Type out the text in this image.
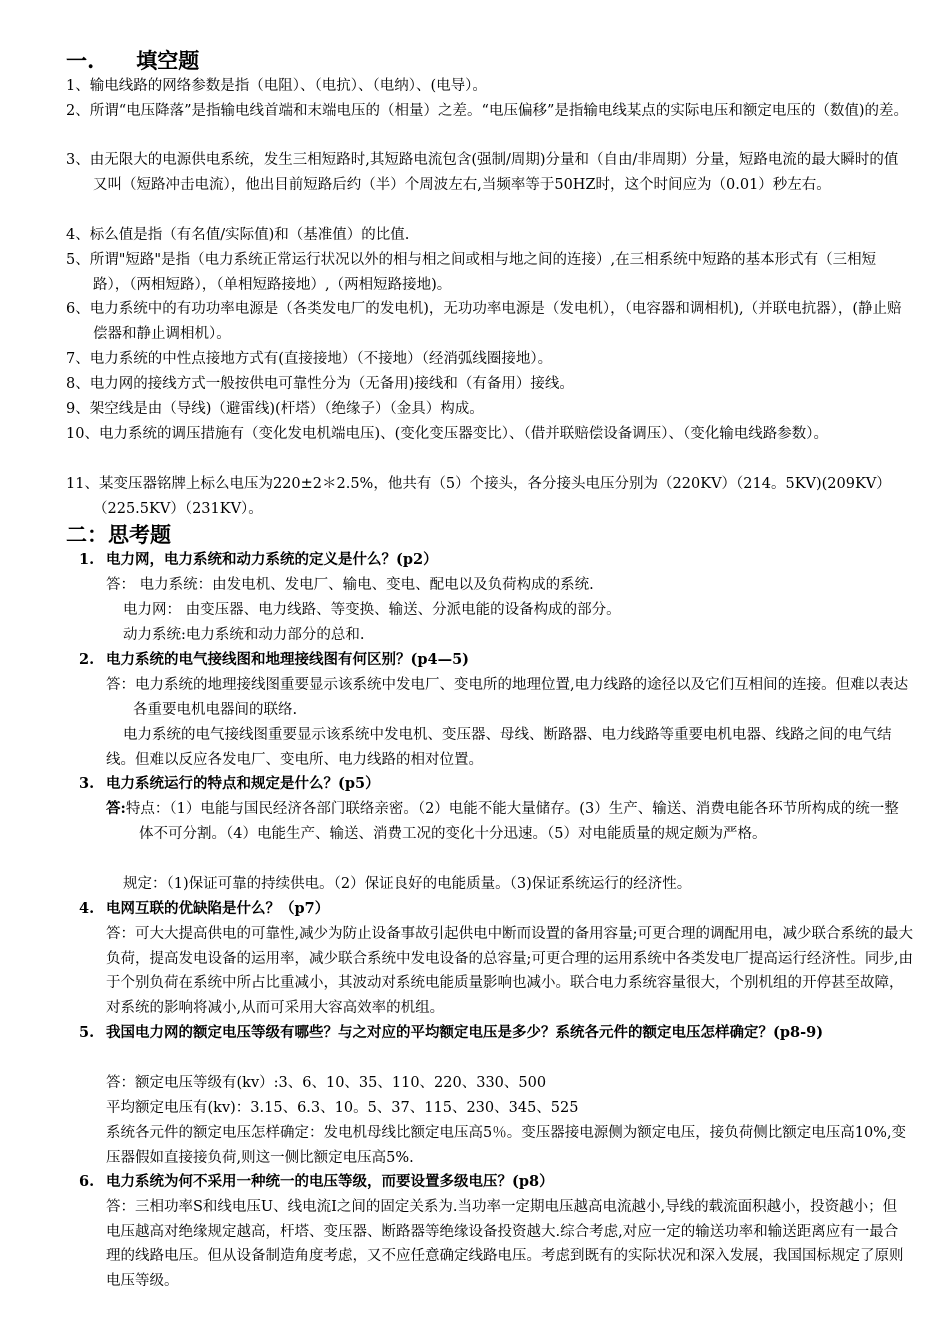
一.　　填空题
1、输电线路的网络参数是指（电阻）、（电抗）、（电纳）、(电导）。
2、所谓“电压降落”是指输电线首端和末端电压的（相量）之差。“电压偏移”是指输电线某点的实际电压和额定电压的（数值)的差。
3、由无限大的电源供电系统，发生三相短路时,其短路电流包含(强制/周期)分量和（自由/非周期）分量，短路电流的最大瞬时的值又叫（短路冲击电流），他出目前短路后约（半）个周波左右,当频率等于50HZ时，这个时间应为（0.01）秒左右。
4、标么值是指（有名值/实际值)和（基准值）的比值.
5、所谓"短路"是指（电力系统正常运行状况以外的相与相之间或相与地之间的连接）,在三相系统中短路的基本形式有（三相短路），（两相短路），（单相短路接地）,（两相短路接地)。
6、电力系统中的有功功率电源是（各类发电厂的发电机)，无功功率电源是（发电机），（电容器和调相机),（并联电抗器），(静止赔偿器和静止调相机）。
7、电力系统的中性点接地方式有(直接接地）（不接地）（经消弧线圈接地）。
8、电力网的接线方式一般按供电可靠性分为（无备用)接线和（有备用）接线。
9、架空线是由（导线)（避雷线)(杆塔）（绝缘子）（金具）构成。
10、电力系统的调压措施有（变化发电机端电压)、(变化变压器变比）、（借并联赔偿设备调压）、（变化输电线路参数）。
11、某变压器铭牌上标么电压为220±2＊2.5%，他共有（5）个接头，各分接头电压分别为（220KV）（214。5KV)(209KV）（225.5KV）（231KV）。
二：思考题
1. 电力网，电力系统和动力系统的定义是什么？(p2）
答： 电力系统：由发电机、发电厂、输电、变电、配电以及负荷构成的系统.
电力网： 由变压器、电力线路、等变换、输送、分派电能的设备构成的部分。
动力系统:电力系统和动力部分的总和.
2. 电力系统的电气接线图和地理接线图有何区别？(p4—5)
答：电力系统的地理接线图重要显示该系统中发电厂、变电所的地理位置,电力线路的途径以及它们互相间的连接。但难以表达各重要电机电器间的联络.
电力系统的电气接线图重要显示该系统中发电机、变压器、母线、断路器、电力线路等重要电机电器、线路之间的电气结线。但难以反应各发电厂、变电所、电力线路的相对位置。
3. 电力系统运行的特点和规定是什么？(p5）
答:特点：（1）电能与国民经济各部门联络亲密。（2）电能不能大量储存。(3）生产、输送、消费电能各环节所构成的统一整体不可分割。（4）电能生产、输送、消费工况的变化十分迅速。（5）对电能质量的规定颇为严格。
规定：（1)保证可靠的持续供电。（2）保证良好的电能质量。（3)保证系统运行的经济性。
4. 电网互联的优缺陷是什么？（p7）
答：可大大提高供电的可靠性,减少为防止设备事故引起供电中断而设置的备用容量;可更合理的调配用电，减少联合系统的最大负荷，提高发电设备的运用率，减少联合系统中发电设备的总容量;可更合理的运用系统中各类发电厂提高运行经济性。同步,由于个别负荷在系统中所占比重减小，其波动对系统电能质量影响也减小。联合电力系统容量很大，个别机组的开停甚至故障，对系统的影响将减小,从而可采用大容高效率的机组。
5. 我国电力网的额定电压等级有哪些？与之对应的平均额定电压是多少？系统各元件的额定电压怎样确定？(p8-9)
答：额定电压等级有(kv）:3、6、10、35、110、220、330、500
平均额定电压有(kv)：3.15、6.3、10。5、37、115、230、345、525
系统各元件的额定电压怎样确定：发电机母线比额定电压高5％。变压器接电源侧为额定电压，接负荷侧比额定电压高10%,变压器假如直接接负荷,则这一侧比额定电压高5%.
6. 电力系统为何不采用一种统一的电压等级，而要设置多级电压？(p8）
答：三相功率S和线电压U、线电流I之间的固定关系为.当功率一定期电压越高电流越小,导线的载流面积越小，投资越小；但电压越高对绝缘规定越高，杆塔、变压器、断路器等绝缘设备投资越大.综合考虑,对应一定的输送功率和输送距离应有一最合理的线路电压。但从设备制造角度考虑，又不应任意确定线路电压。考虑到既有的实际状况和深入发展，我国国标规定了原则电压等级。
